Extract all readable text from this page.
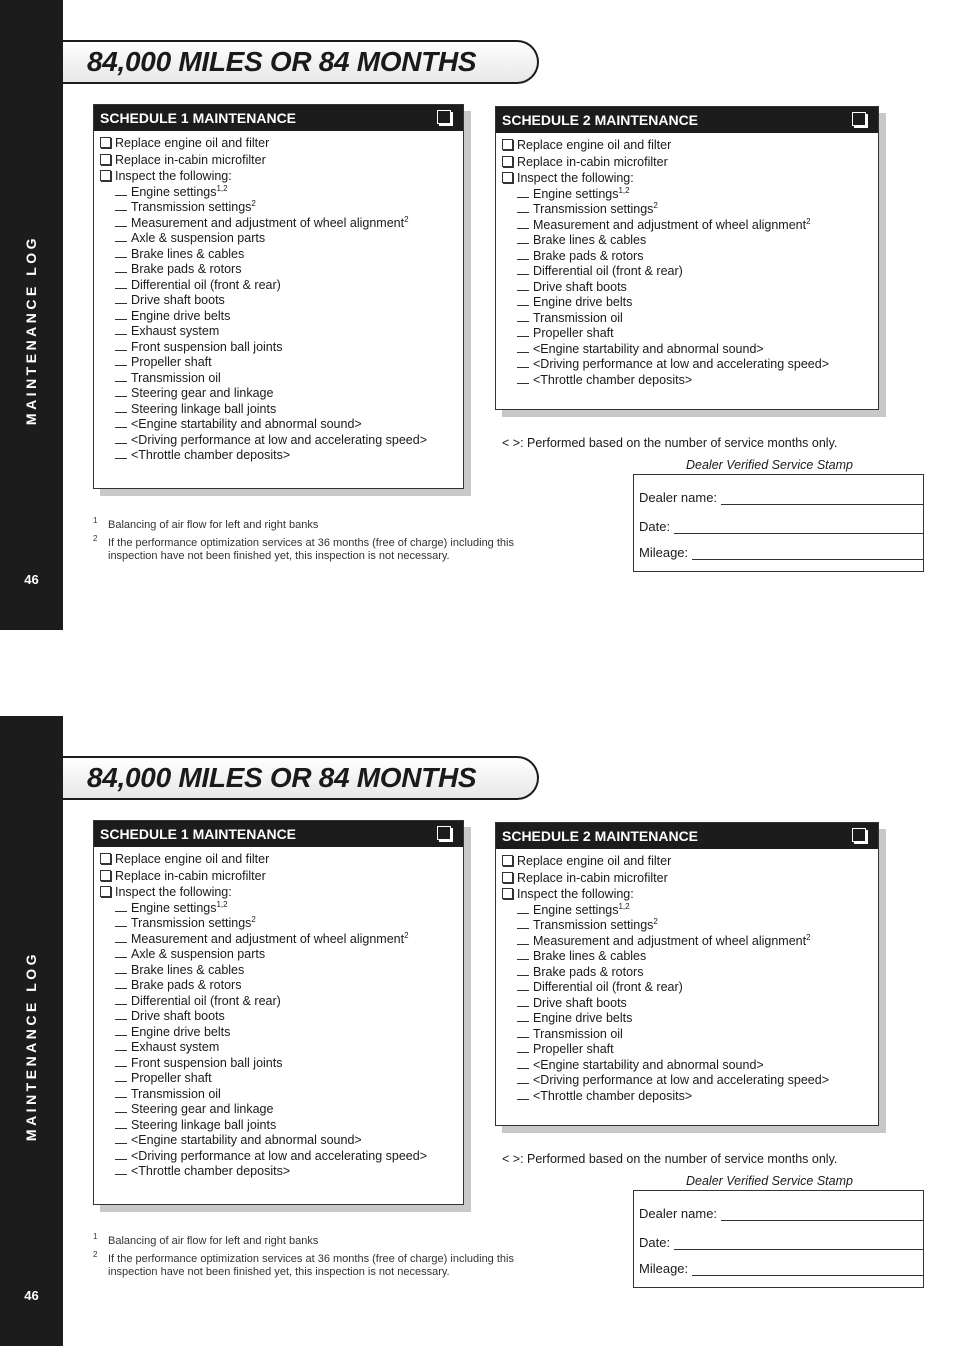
MAINTENANCE LOG
46
84,000 MILES OR 84 MONTHS
SCHEDULE 1 MAINTENANCE
Replace engine oil and filter
Replace in-cabin microfilter
Inspect the following:
Engine settings$^{1,2}$
Transmission settings$^2$
Measurement and adjustment of wheel alignment$^2$
Axle & suspension parts
Brake lines & cables
Brake pads & rotors
Differential oil (front & rear)
Drive shaft boots
Engine drive belts
Exhaust system
Front suspension ball joints
Propeller shaft
Transmission oil
Steering gear and linkage
Steering linkage ball joints
<Engine startability and abnormal sound>
<Driving performance at low and accelerating speed>
<Throttle chamber deposits>
SCHEDULE 2 MAINTENANCE
Replace engine oil and filter
Replace in-cabin microfilter
Inspect the following:
Engine settings$^{1,2}$
Transmission settings$^2$
Measurement and adjustment of wheel alignment$^2$
Brake lines & cables
Brake pads & rotors
Differential oil (front & rear)
Drive shaft boots
Engine drive belts
Transmission oil
Propeller shaft
<Engine startability and abnormal sound>
<Driving performance at low and accelerating speed>
<Throttle chamber deposits>
< >: Performed based on the number of service months only.
Dealer Verified Service Stamp
Dealer name:
Date:
Mileage:
1 Balancing of air flow for left and right banks
2 If the performance optimization services at 36 months (free of charge) including this inspection have not been finished yet, this inspection is not necessary.
MAINTENANCE LOG
46
84,000 MILES OR 84 MONTHS
SCHEDULE 1 MAINTENANCE
Replace engine oil and filter
Replace in-cabin microfilter
Inspect the following:
Engine settings$^{1,2}$
Transmission settings$^2$
Measurement and adjustment of wheel alignment$^2$
Axle & suspension parts
Brake lines & cables
Brake pads & rotors
Differential oil (front & rear)
Drive shaft boots
Engine drive belts
Exhaust system
Front suspension ball joints
Propeller shaft
Transmission oil
Steering gear and linkage
Steering linkage ball joints
<Engine startability and abnormal sound>
<Driving performance at low and accelerating speed>
<Throttle chamber deposits>
SCHEDULE 2 MAINTENANCE
Replace engine oil and filter
Replace in-cabin microfilter
Inspect the following:
Engine settings$^{1,2}$
Transmission settings$^2$
Measurement and adjustment of wheel alignment$^2$
Brake lines & cables
Brake pads & rotors
Differential oil (front & rear)
Drive shaft boots
Engine drive belts
Transmission oil
Propeller shaft
<Engine startability and abnormal sound>
<Driving performance at low and accelerating speed>
<Throttle chamber deposits>
< >: Performed based on the number of service months only.
Dealer Verified Service Stamp
Dealer name:
Date:
Mileage:
1 Balancing of air flow for left and right banks
2 If the performance optimization services at 36 months (free of charge) including this inspection have not been finished yet, this inspection is not necessary.
